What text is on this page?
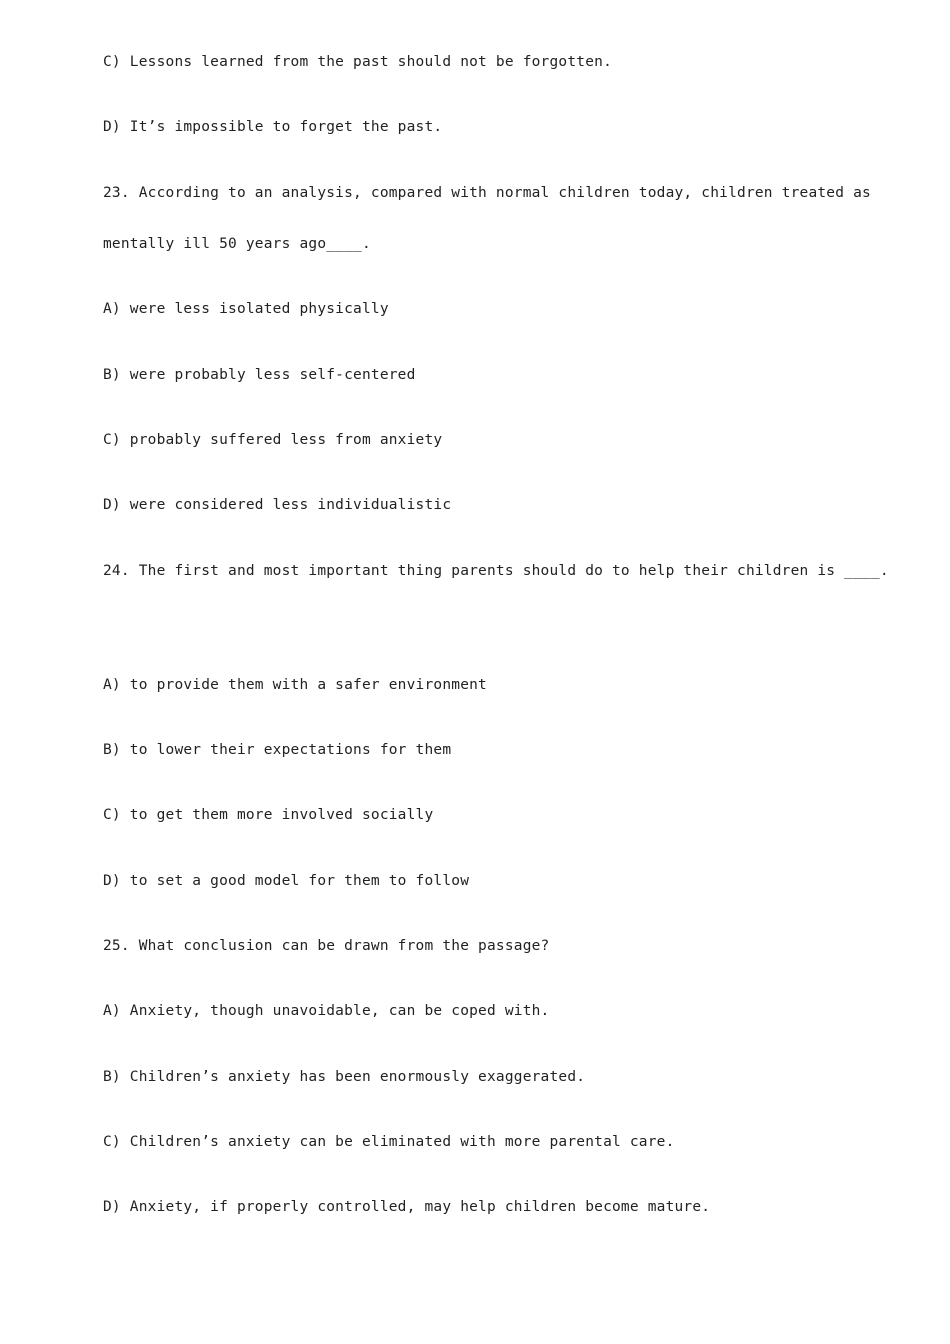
C) Lessons learned from the past should not be forgotten.
D) It’s impossible to forget the past.
23. According to an analysis, compared with normal children today, children treated as
mentally ill 50 years ago____.
A) were less isolated physically
B) were probably less self-centered
C) probably suffered less from anxiety
D) were considered less individualistic
24. The first and most important thing parents should do to help their children is ____.
A) to provide them with a safer environment
B) to lower their expectations for them
C) to get them more involved socially
D) to set a good model for them to follow
25. What conclusion can be drawn from the passage?
A) Anxiety, though unavoidable, can be coped with.
B) Children’s anxiety has been enormously exaggerated.
C) Children’s anxiety can be eliminated with more parental care.
D) Anxiety, if properly controlled, may help children become mature.
